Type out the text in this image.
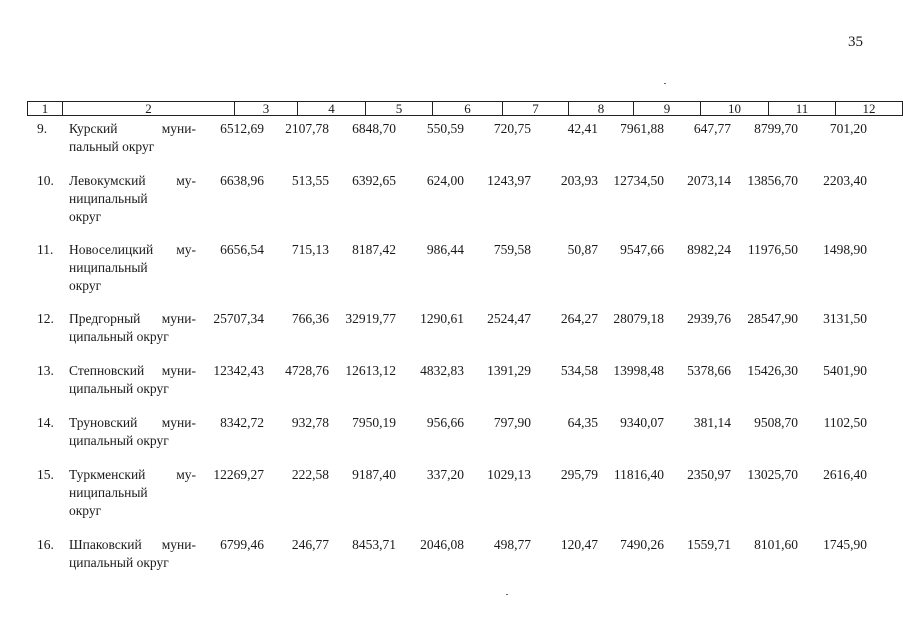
35
1	2	3	4	5	6	7	8	9	10	11	12
9.	Курский муни-
пальный округ
6512,69	2107,78	6848,70	550,59	720,75	42,41	7961,88	647,77	8799,70	701,20
10.	Левокумский му-
ниципальный
округ
6638,96	513,55	6392,65	624,00	1243,97	203,93	12734,50	2073,14	13856,70	2203,40
11.	Новоселицкий му-
ниципальный
округ
6656,54	715,13	8187,42	986,44	759,58	50,87	9547,66	8982,24	11976,50	1498,90
12.	Предгорный муни-
ципальный округ
25707,34	766,36	32919,77	1290,61	2524,47	264,27	28079,18	2939,76	28547,90	3131,50
13.	Степновский муни-
ципальный округ
12342,43	4728,76	12613,12	4832,83	1391,29	534,58	13998,48	5378,66	15426,30	5401,90
14.	Труновский муни-
ципальный округ
8342,72	932,78	7950,19	956,66	797,90	64,35	9340,07	381,14	9508,70	1102,50
15.	Туркменский му-
ниципальный
округ
12269,27	222,58	9187,40	337,20	1029,13	295,79	11816,40	2350,97	13025,70	2616,40
16.	Шпаковский муни-
ципальный округ
6799,46	246,77	8453,71	2046,08	498,77	120,47	7490,26	1559,71	8101,60	1745,90
